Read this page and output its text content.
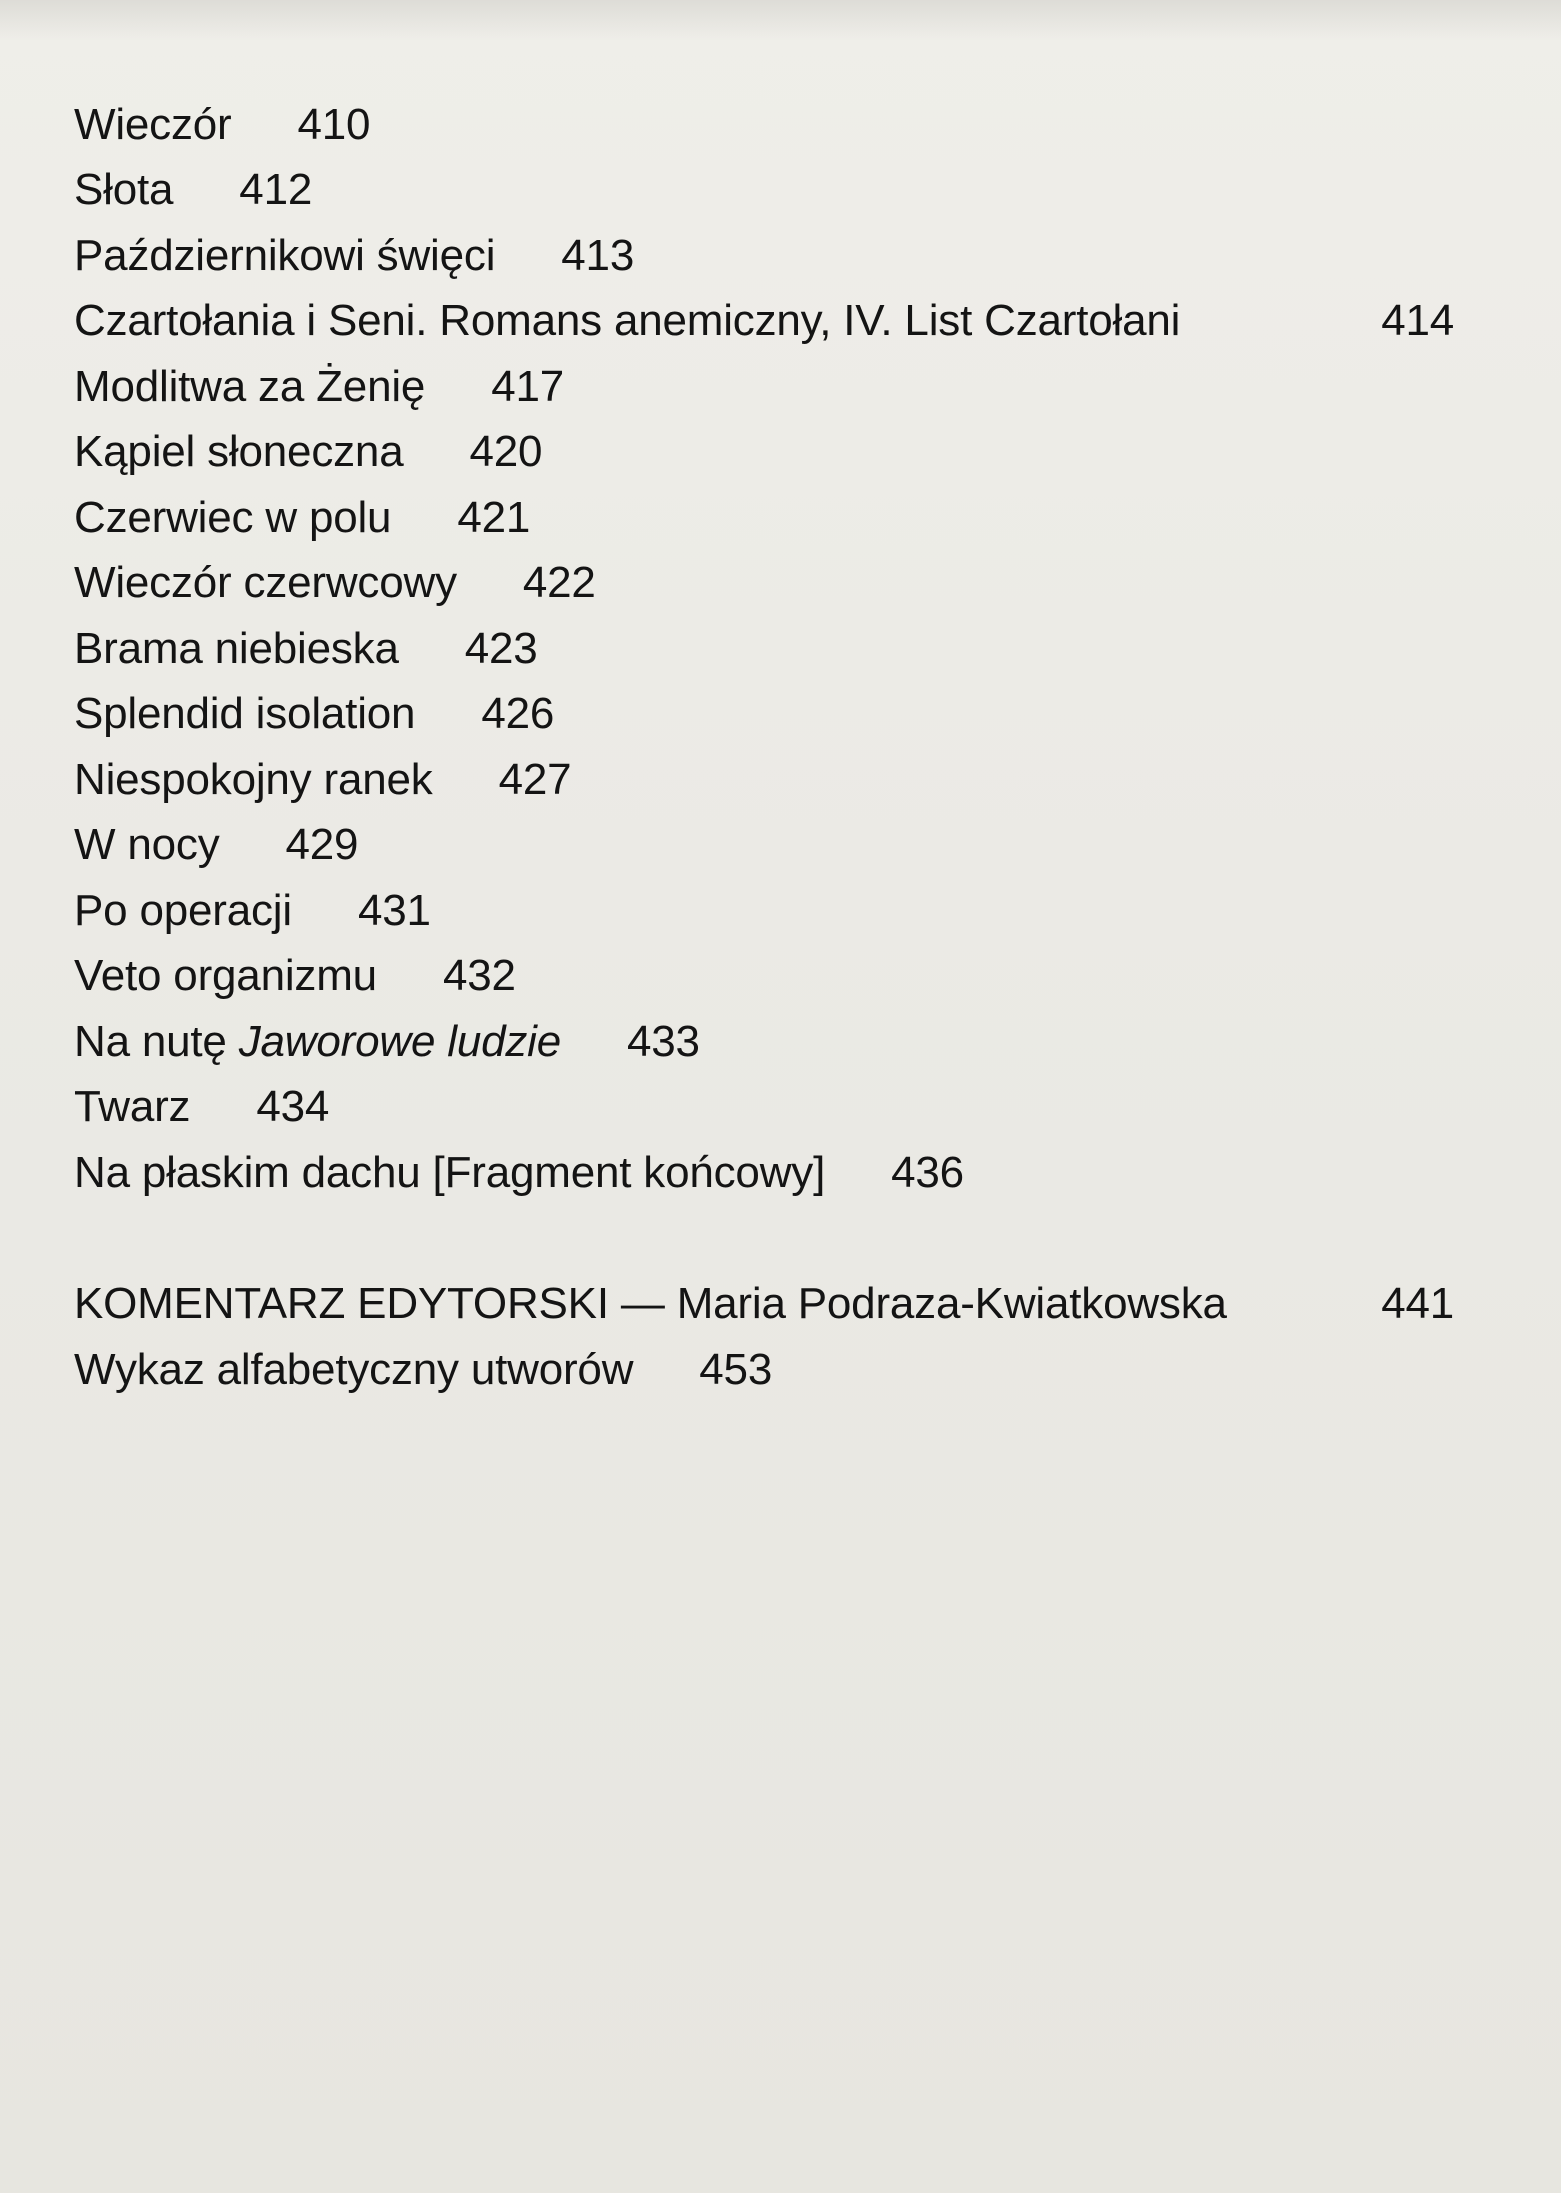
Wieczór 410
Słota 412
Październikowi święci 413
Czartołania i Seni. Romans anemiczny, IV. List Czartołani	414
Modlitwa za Żenię 417
Kąpiel słoneczna 420
Czerwiec w polu 421
Wieczór czerwcowy 422
Brama niebieska 423
Splendid isolation 426
Niespokojny ranek 427
W nocy 429
Po operacji 431
Veto organizmu 432
Na nutę Jaworowe ludzie 433
Twarz 434
Na płaskim dachu [Fragment końcowy] 436
KOMENTARZ EDYTORSKI — Maria Podraza-Kwiatkowska	441
Wykaz alfabetyczny utworów 453
